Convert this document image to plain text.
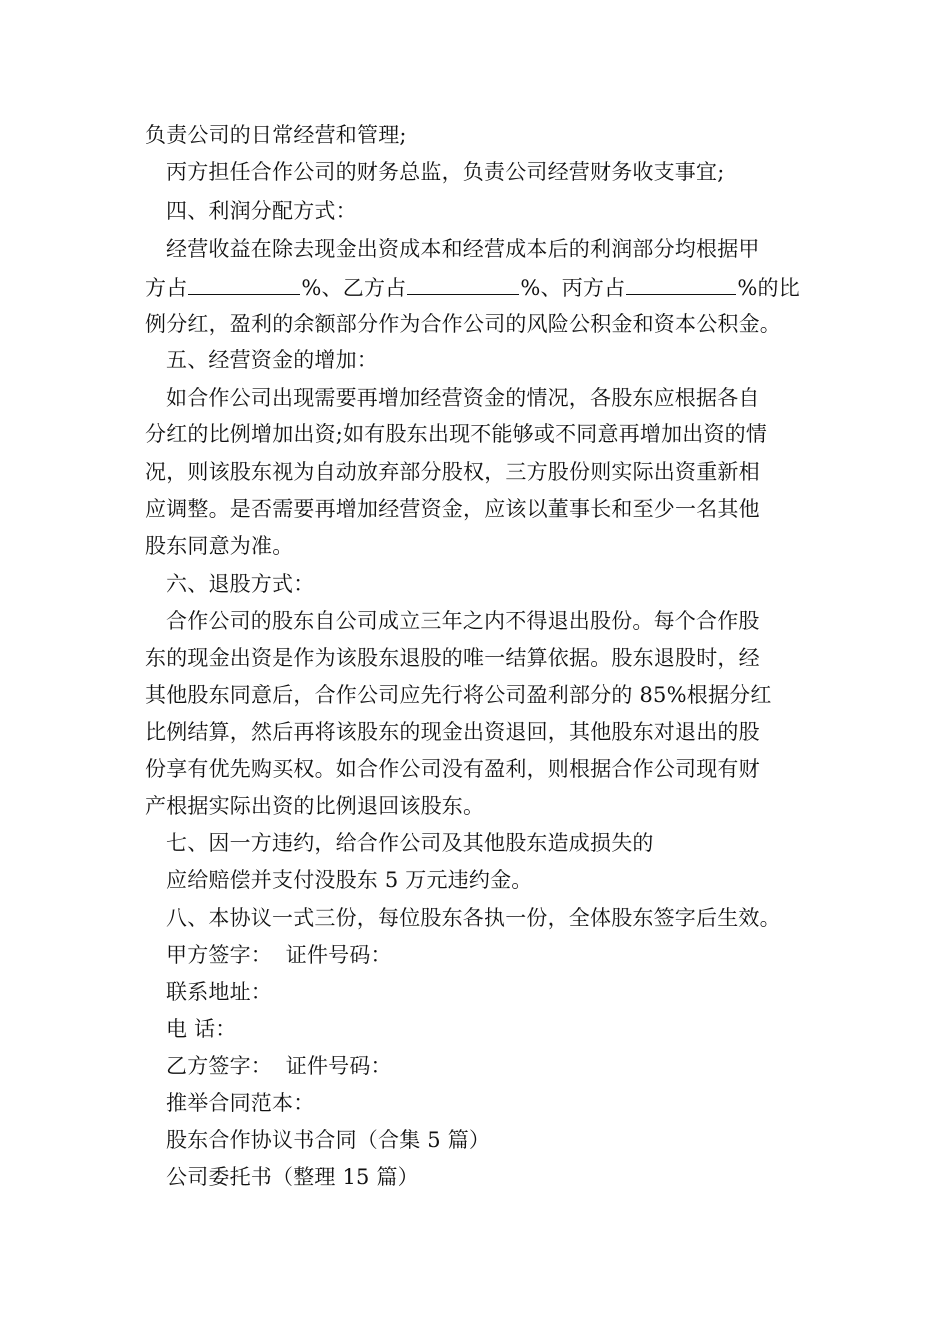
负责公司的日常经营和管理;
丙方担任合作公司的财务总监，负责公司经营财务收支事宜;
四、利润分配方式：
经营收益在除去现金出资成本和经营成本后的利润部分均根据甲
方占	%、乙方占	%、丙方占	%的比
例分红，盈利的余额部分作为合作公司的风险公积金和资本公积金。
五、经营资金的增加：
如合作公司出现需要再增加经营资金的情况，各股东应根据各自
分红的比例增加出资;如有股东出现不能够或不同意再增加出资的情
况，则该股东视为自动放弃部分股权，三方股份则实际出资重新相
应调整。是否需要再增加经营资金，应该以董事长和至少一名其他
股东同意为准。
六、退股方式：
合作公司的股东自公司成立三年之内不得退出股份。每个合作股
东的现金出资是作为该股东退股的唯一结算依据。股东退股时，经
其他股东同意后，合作公司应先行将公司盈利部分的 85%根据分红
比例结算，然后再将该股东的现金出资退回，其他股东对退出的股
份享有优先购买权。如合作公司没有盈利，则根据合作公司现有财
产根据实际出资的比例退回该股东。
七、因一方违约，给合作公司及其他股东造成损失的
应给赔偿并支付没股东 5 万元违约金。
八、本协议一式三份，每位股东各执一份，全体股东签字后生效。
甲方签字：  证件号码：
联系地址：
电 话：
乙方签字：  证件号码：
推举合同范本：
股东合作协议书合同（合集 5 篇）
公司委托书（整理 15 篇）
